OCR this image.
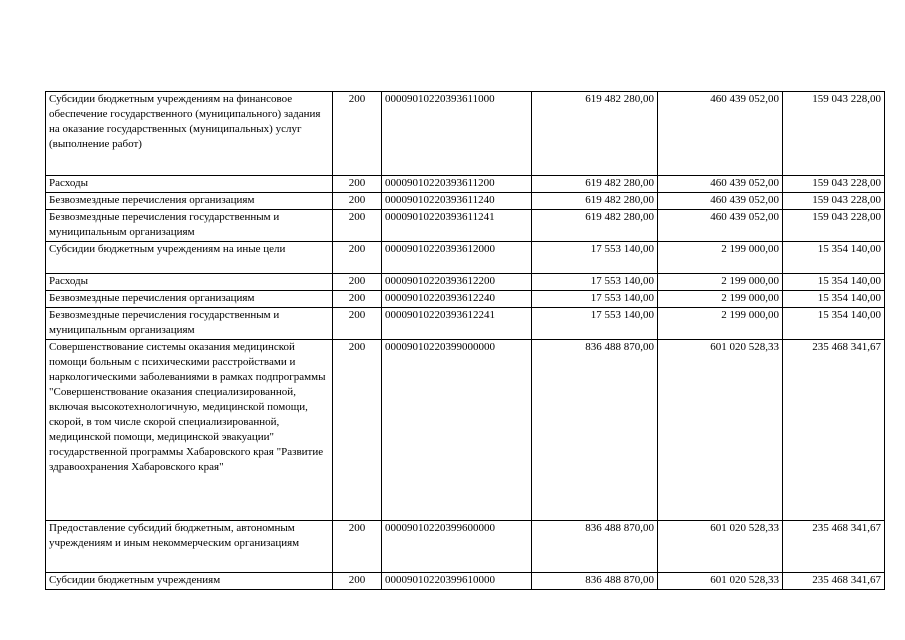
Субсидии бюджетным учреждениям на финансовое обеспечение государственного (муниципального) задания на оказание государственных (муниципальных) услуг (выполнение работ)	200	00009010220393611000	619 482 280,00	460 439 052,00	159 043 228,00
Расходы	200	00009010220393611200	619 482 280,00	460 439 052,00	159 043 228,00
Безвозмездные перечисления организациям	200	00009010220393611240	619 482 280,00	460 439 052,00	159 043 228,00
Безвозмездные перечисления государственным и муниципальным организациям	200	00009010220393611241	619 482 280,00	460 439 052,00	159 043 228,00
Субсидии бюджетным учреждениям на иные цели	200	00009010220393612000	17 553 140,00	2 199 000,00	15 354 140,00
Расходы	200	00009010220393612200	17 553 140,00	2 199 000,00	15 354 140,00
Безвозмездные перечисления организациям	200	00009010220393612240	17 553 140,00	2 199 000,00	15 354 140,00
Безвозмездные перечисления государственным и муниципальным организациям	200	00009010220393612241	17 553 140,00	2 199 000,00	15 354 140,00
Совершенствование системы оказания медицинской помощи больным с психическими расстройствами и наркологическими заболеваниями в рамках подпрограммы "Совершенствование оказания специализированной, включая высокотехнологичную, медицинской помощи, скорой, в том числе скорой специализированной, медицинской помощи, медицинской эвакуации" государственной программы Хабаровского края "Развитие здравоохранения Хабаровского края"	200	00009010220399000000	836 488 870,00	601 020 528,33	235 468 341,67
Предоставление субсидий бюджетным, автономным учреждениям и иным некоммерческим организациям	200	00009010220399600000	836 488 870,00	601 020 528,33	235 468 341,67
Субсидии бюджетным учреждениям	200	00009010220399610000	836 488 870,00	601 020 528,33	235 468 341,67
